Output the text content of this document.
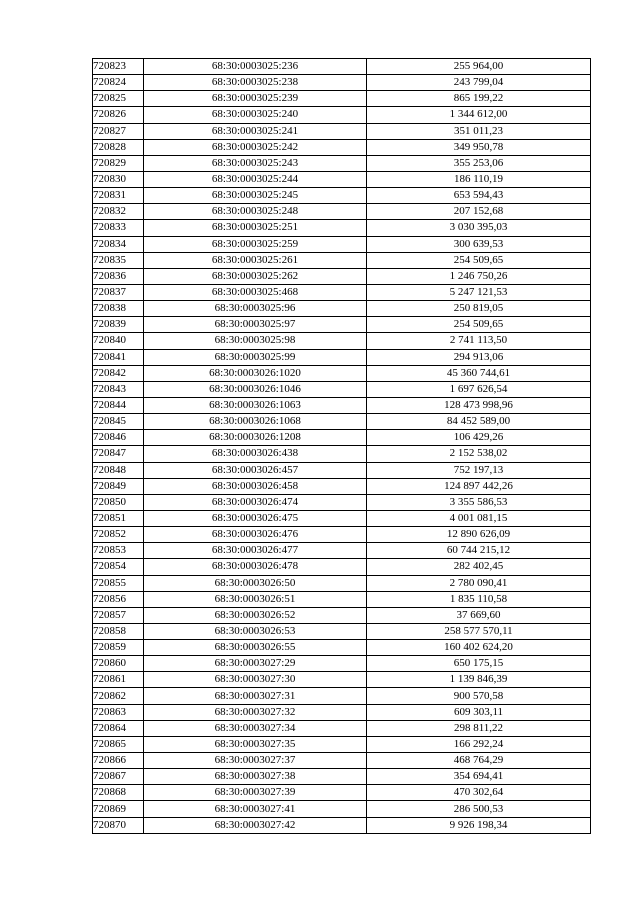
720823	68:30:0003025:236	255 964,00
720824	68:30:0003025:238	243 799,04
720825	68:30:0003025:239	865 199,22
720826	68:30:0003025:240	1 344 612,00
720827	68:30:0003025:241	351 011,23
720828	68:30:0003025:242	349 950,78
720829	68:30:0003025:243	355 253,06
720830	68:30:0003025:244	186 110,19
720831	68:30:0003025:245	653 594,43
720832	68:30:0003025:248	207 152,68
720833	68:30:0003025:251	3 030 395,03
720834	68:30:0003025:259	300 639,53
720835	68:30:0003025:261	254 509,65
720836	68:30:0003025:262	1 246 750,26
720837	68:30:0003025:468	5 247 121,53
720838	68:30:0003025:96	250 819,05
720839	68:30:0003025:97	254 509,65
720840	68:30:0003025:98	2 741 113,50
720841	68:30:0003025:99	294 913,06
720842	68:30:0003026:1020	45 360 744,61
720843	68:30:0003026:1046	1 697 626,54
720844	68:30:0003026:1063	128 473 998,96
720845	68:30:0003026:1068	84 452 589,00
720846	68:30:0003026:1208	106 429,26
720847	68:30:0003026:438	2 152 538,02
720848	68:30:0003026:457	752 197,13
720849	68:30:0003026:458	124 897 442,26
720850	68:30:0003026:474	3 355 586,53
720851	68:30:0003026:475	4 001 081,15
720852	68:30:0003026:476	12 890 626,09
720853	68:30:0003026:477	60 744 215,12
720854	68:30:0003026:478	282 402,45
720855	68:30:0003026:50	2 780 090,41
720856	68:30:0003026:51	1 835 110,58
720857	68:30:0003026:52	37 669,60
720858	68:30:0003026:53	258 577 570,11
720859	68:30:0003026:55	160 402 624,20
720860	68:30:0003027:29	650 175,15
720861	68:30:0003027:30	1 139 846,39
720862	68:30:0003027:31	900 570,58
720863	68:30:0003027:32	609 303,11
720864	68:30:0003027:34	298 811,22
720865	68:30:0003027:35	166 292,24
720866	68:30:0003027:37	468 764,29
720867	68:30:0003027:38	354 694,41
720868	68:30:0003027:39	470 302,64
720869	68:30:0003027:41	286 500,53
720870	68:30:0003027:42	9 926 198,34
